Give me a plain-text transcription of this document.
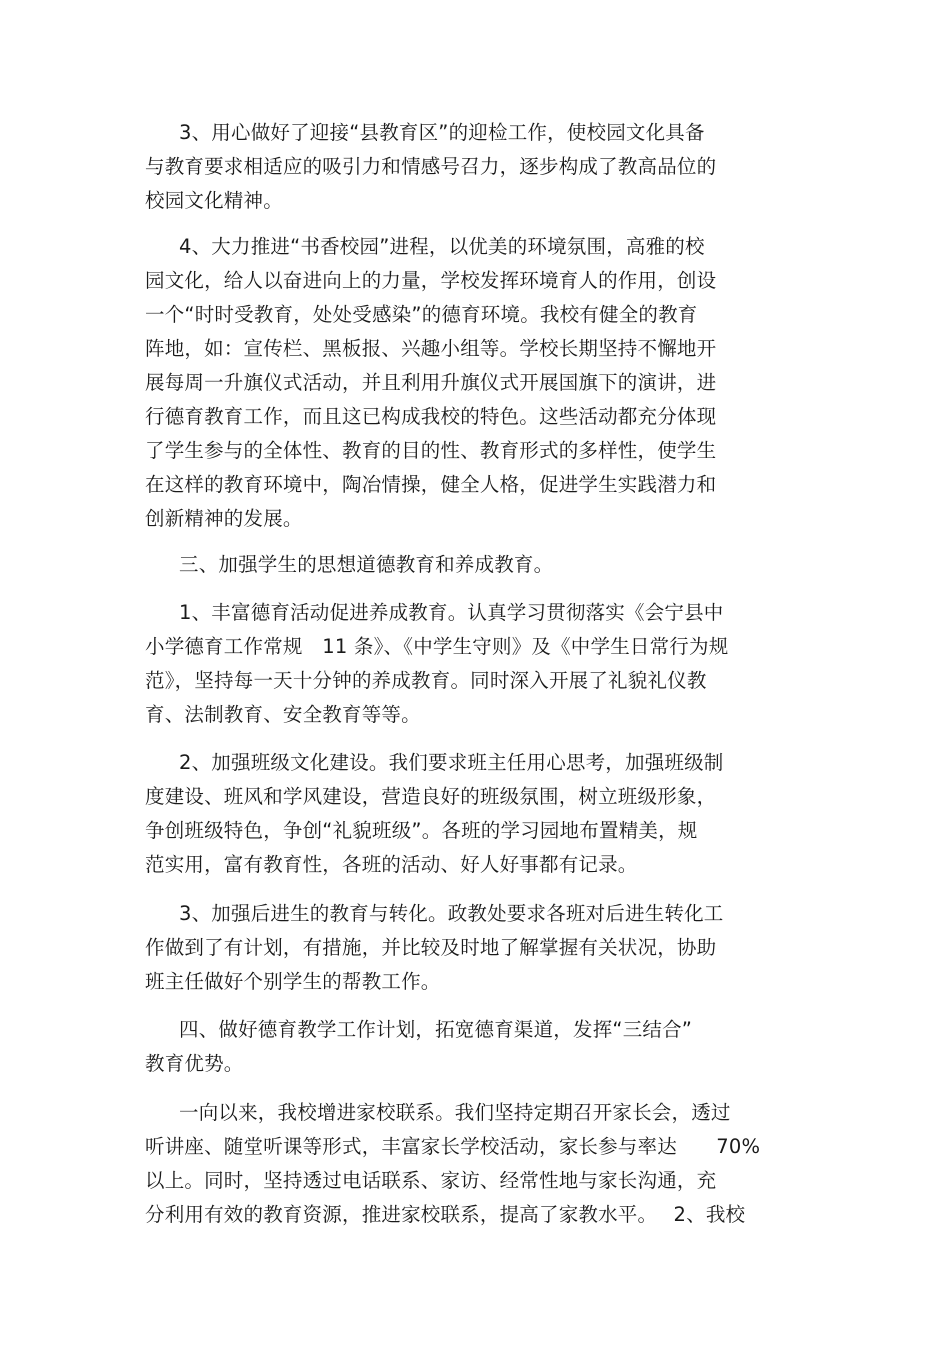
3、用心做好了迎接“县教育区”的迎检工作，使校园文化具备
与教育要求相适应的吸引力和情感号召力，逐步构成了教高品位的
校园文化精神。
4、大力推进“书香校园”进程，以优美的环境氛围，高雅的校
园文化，给人以奋进向上的力量，学校发挥环境育人的作用，创设
一个“时时受教育，处处受感染”的德育环境。我校有健全的教育
阵地，如：宣传栏、黑板报、兴趣小组等。学校长期坚持不懈地开
展每周一升旗仪式活动，并且利用升旗仪式开展国旗下的演讲，进
行德育教育工作，而且这已构成我校的特色。这些活动都充分体现
了学生参与的全体性、教育的目的性、教育形式的多样性，使学生
在这样的教育环境中，陶冶情操，健全人格，促进学生实践潜力和
创新精神的发展。
三、加强学生的思想道德教育和养成教育。
1、丰富德育活动促进养成教育。认真学习贯彻落实《会宁县中
小学德育工作常规　11 条》、《中学生守则》及《中学生日常行为规
范》，坚持每一天十分钟的养成教育。同时深入开展了礼貌礼仪教
育、法制教育、安全教育等等。
2、加强班级文化建设。我们要求班主任用心思考，加强班级制
度建设、班风和学风建设，营造良好的班级氛围，树立班级形象，
争创班级特色，争创“礼貌班级”。各班的学习园地布置精美，规
范实用，富有教育性，各班的活动、好人好事都有记录。
3、加强后进生的教育与转化。政教处要求各班对后进生转化工
作做到了有计划，有措施，并比较及时地了解掌握有关状况，协助
班主任做好个别学生的帮教工作。
四、做好德育教学工作计划，拓宽德育渠道，发挥“三结合”
教育优势。
一向以来，我校增进家校联系。我们坚持定期召开家长会，透过
听讲座、随堂听课等形式，丰富家长学校活动，家长参与率达　　70%
以上。同时，坚持透过电话联系、家访、经常性地与家长沟通，充
分利用有效的教育资源，推进家校联系，提高了家教水平。　 2、我校
